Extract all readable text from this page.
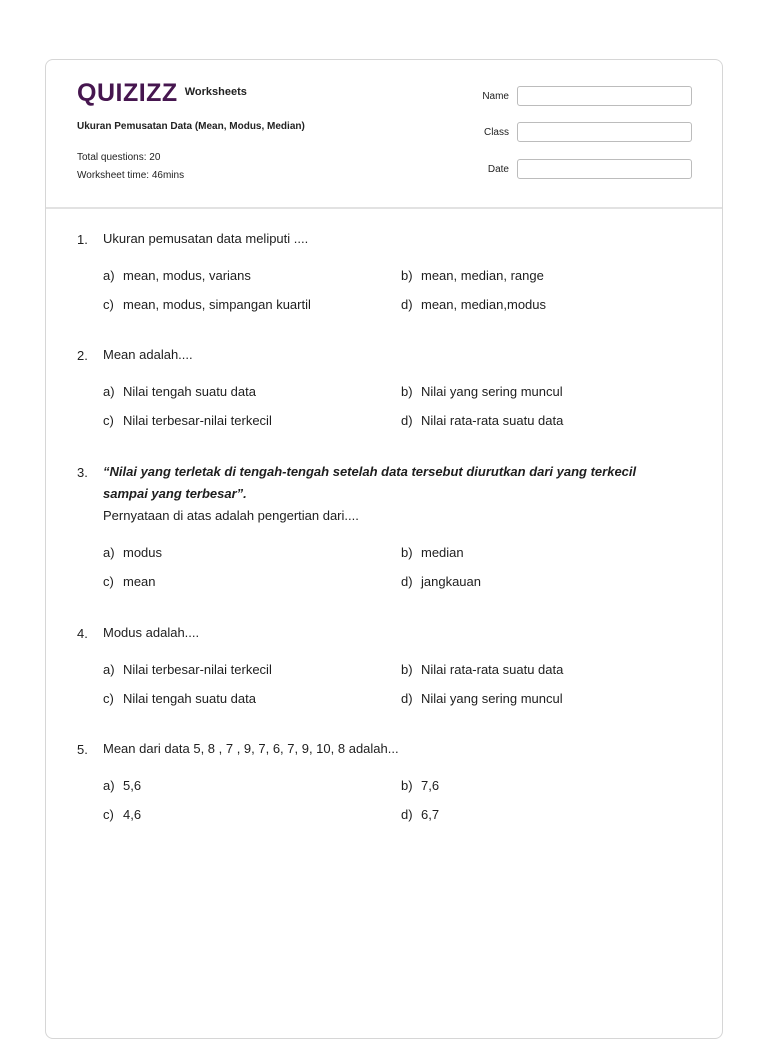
QUIZIZZ Worksheets
Ukuran Pemusatan Data (Mean, Modus, Median)
Total questions: 20
Worksheet time: 46mins
Name
Class
Date
1. Ukuran pemusatan data meliputi ....
a) mean, modus, varians	b) mean, median, range
c) mean, modus, simpangan kuartil	d) mean, median,modus
2. Mean adalah....
a) Nilai tengah suatu data	b) Nilai yang sering muncul
c) Nilai terbesar-nilai terkecil	d) Nilai rata-rata suatu data
3. “Nilai yang terletak di tengah-tengah setelah data tersebut diurutkan dari yang terkecil sampai yang terbesar”.
Pernyataan di atas adalah pengertian dari....
a) modus	b) median
c) mean	d) jangkauan
4. Modus adalah....
a) Nilai terbesar-nilai terkecil	b) Nilai rata-rata suatu data
c) Nilai tengah suatu data	d) Nilai yang sering muncul
5. Mean dari data 5, 8 , 7 , 9, 7, 6, 7, 9, 10, 8 adalah...
a) 5,6	b) 7,6
c) 4,6	d) 6,7
